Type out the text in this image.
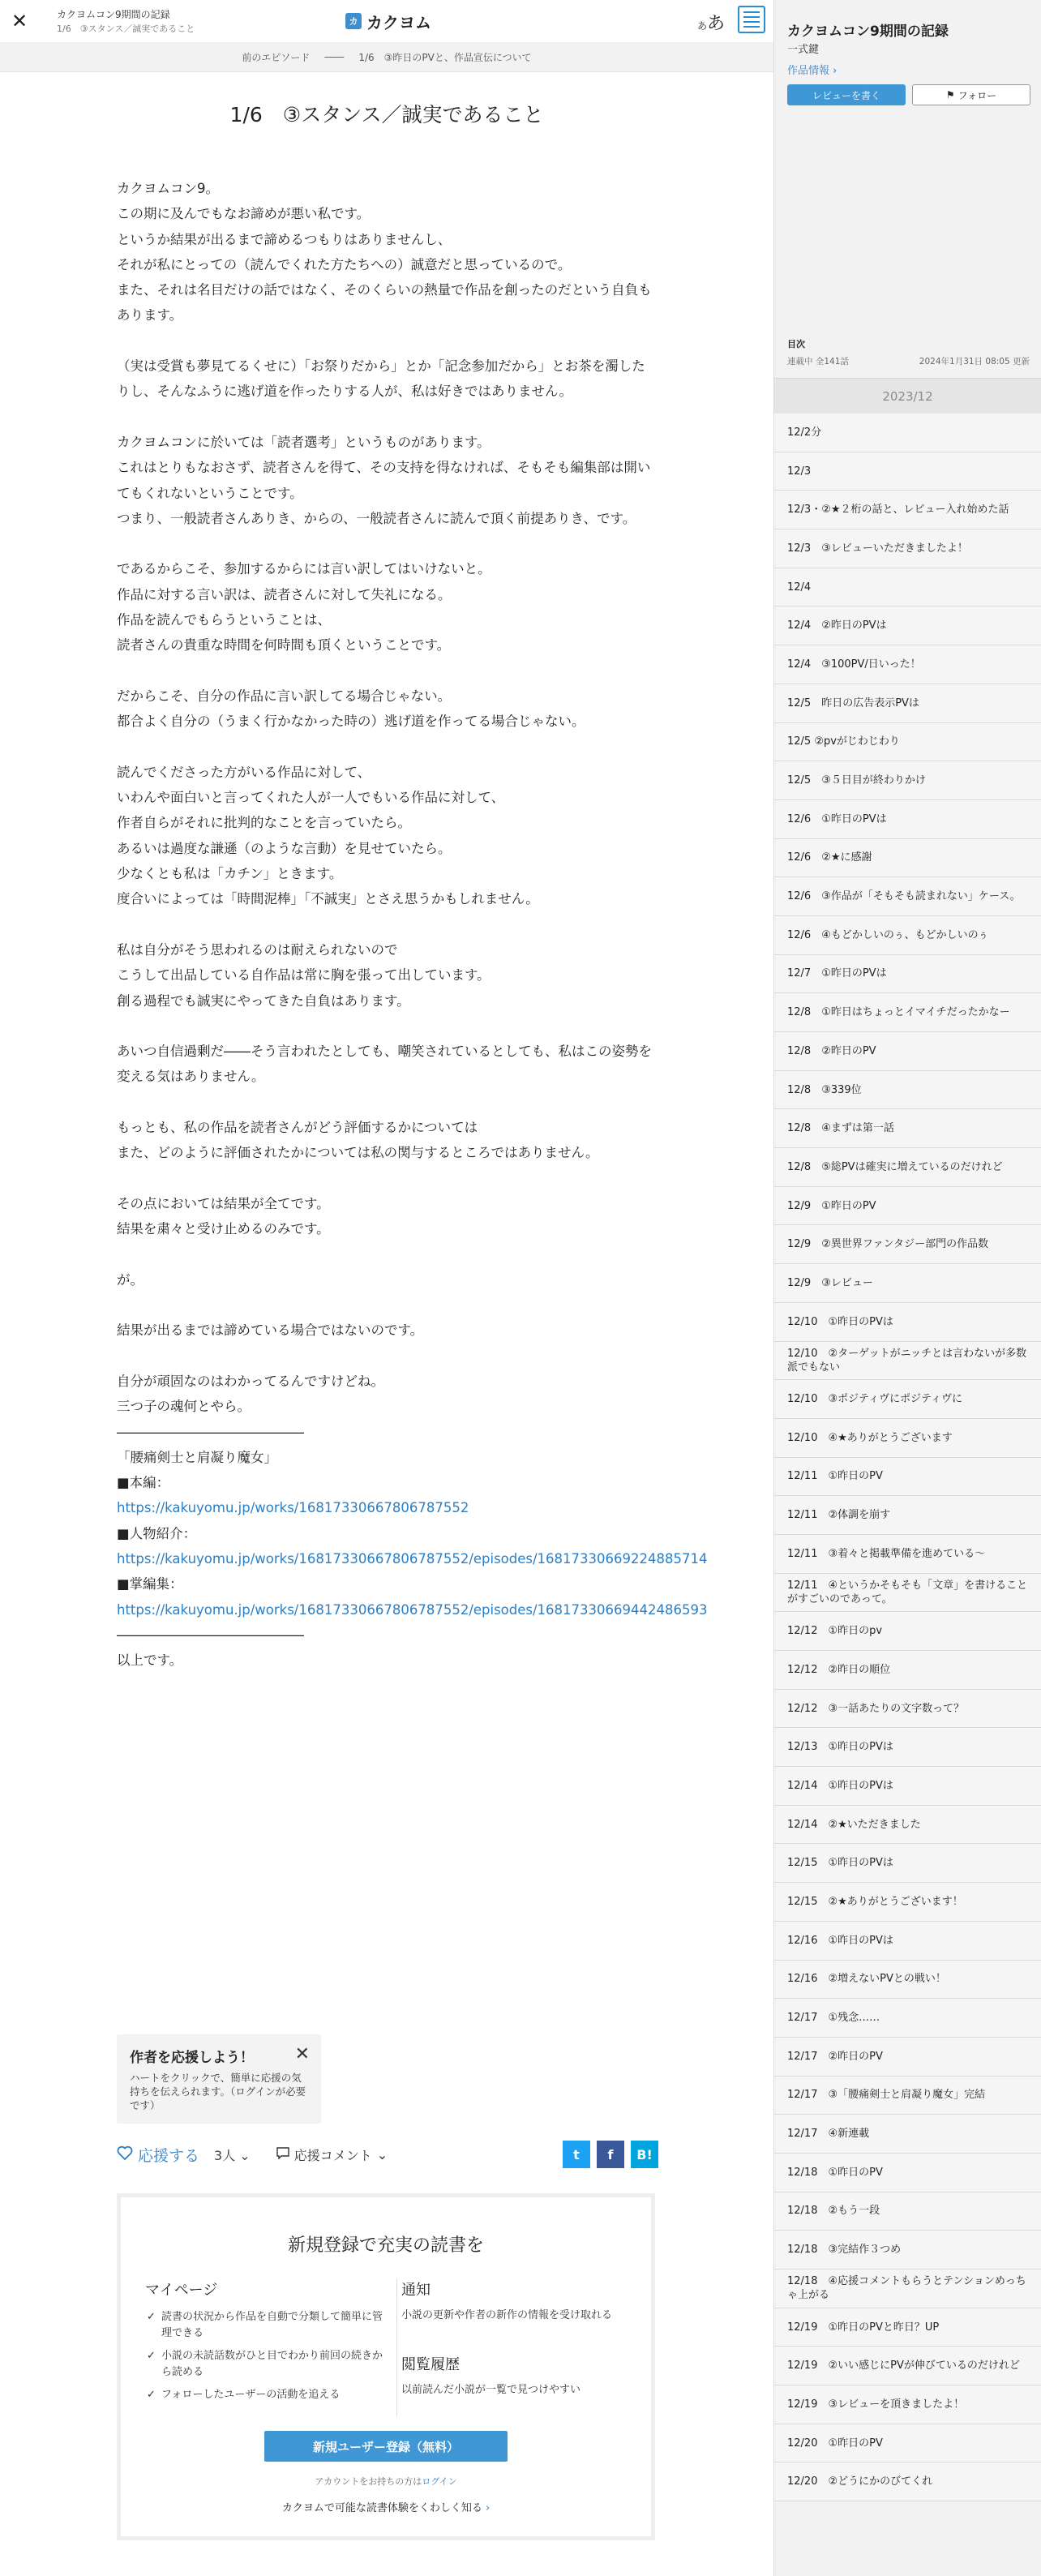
✕	カクヨムコン9期間の記録
1/6　③スタンス／誠実であること
カ カクヨム	ああ
前のエピソード ―― 1/6　③昨日のPVと、作品宣伝について
1/6　③スタンス／誠実であること
カクヨムコン9。
この期に及んでもなお諦めが悪い私です。
というか結果が出るまで諦めるつもりはありませんし、
それが私にとっての（読んでくれた方たちへの）誠意だと思っているので。
また、それは名目だけの話ではなく、そのくらいの熱量で作品を創ったのだという自負もあります。
（実は受賞も夢見てるくせに）「お祭りだから」とか「記念参加だから」とお茶を濁したりし、そんなふうに逃げ道を作ったりする人が、私は好きではありません。
カクヨムコンに於いては「読者選考」というものがあります。
これはとりもなおさず、読者さんを得て、その支持を得なければ、そもそも編集部は開いてもくれないということです。
つまり、一般読者さんありき、からの、一般読者さんに読んで頂く前提ありき、です。
であるからこそ、参加するからには言い訳してはいけないと。
作品に対する言い訳は、読者さんに対して失礼になる。
作品を読んでもらうということは、
読者さんの貴重な時間を何時間も頂くということです。
だからこそ、自分の作品に言い訳してる場合じゃない。
都合よく自分の（うまく行かなかった時の）逃げ道を作ってる場合じゃない。
読んでくださった方がいる作品に対して、
いわんや面白いと言ってくれた人が一人でもいる作品に対して、
作者自らがそれに批判的なことを言っていたら。
あるいは過度な謙遜（のような言動）を見せていたら。
少なくとも私は「カチン」ときます。
度合いによっては「時間泥棒」「不誠実」とさえ思うかもしれません。
私は自分がそう思われるのは耐えられないので
こうして出品している自作品は常に胸を張って出しています。
創る過程でも誠実にやってきた自負はあります。
あいつ自信過剰だ――そう言われたとしても、嘲笑されているとしても、私はこの姿勢を変える気はありません。
もっとも、私の作品を読者さんがどう評価するかについては
また、どのように評価されたかについては私の関与するところではありません。
その点においては結果が全てです。
結果を粛々と受け止めるのみです。
が。
結果が出るまでは諦めている場合ではないのです。
自分が頑固なのはわかってるんですけどね。
三つ子の魂何とやら。
――――――――――――――
「腰痛剣士と肩凝り魔女」
■本編：
https://kakuyomu.jp/works/16817330667806787552
■人物紹介：
https://kakuyomu.jp/works/16817330667806787552/episodes/16817330669224885714
■掌編集：
https://kakuyomu.jp/works/16817330667806787552/episodes/16817330669442486593
――――――――――――――
以上です。
作者を応援しよう！

ハートをクリックで、簡単に応援の気持ちを伝えられます。（ログインが必要です）

✕
応援する 3人 ⌄	応援コメント ⌄	t	f	B!
新規登録で充実の読書を
マイページ
✓ 読書の状況から作品を自動で分類して簡単に管理できる
✓ 小説の未読話数がひと目でわかり前回の続きから読める
✓ フォローしたユーザーの活動を追える
通知

小説の更新や作者の新作の情報を受け取れる

閲覧履歴

以前読んだ小説が一覧で見つけやすい

新規ユーザー登録（無料）
アカウントをお持ちの方はログイン
カクヨムで可能な読書体験をくわしく知る ›
カクヨムコン9期間の記録
一式鍵
作品情報 ›
レビューを書く	⚑ フォロー
目次
連載中 全141話	2024年1月31日 08:05 更新
2023/12
12/2分
12/3
12/3・②★２桁の話と、レビュー入れ始めた話
12/3　③レビューいただきましたよ！
12/4
12/4　②昨日のPVは
12/4　③100PV/日いった！
12/5　昨日の広告表示PVは
12/5 ②pvがじわじわり
12/5　③５日目が終わりかけ
12/6　①昨日のPVは
12/6　②★に感謝
12/6　③作品が「そもそも読まれない」ケース。
12/6　④もどかしいのぅ、もどかしいのぅ
12/7　①昨日のPVは
12/8　①昨日はちょっとイマイチだったかなー
12/8　②昨日のPV
12/8　③339位
12/8　④まずは第一話
12/8　⑤総PVは確実に増えているのだけれど
12/9　①昨日のPV
12/9　②異世界ファンタジー部門の作品数
12/9　③レビュー
12/10　①昨日のPVは
12/10　②ターゲットがニッチとは言わないが多数派でもない
12/10　③ポジティヴにポジティヴに
12/10　④★ありがとうございます
12/11　①昨日のPV
12/11　②体調を崩す
12/11　③着々と掲載準備を進めている〜
12/11　④というかそもそも「文章」を書けることがすごいのであって。
12/12　①昨日のpv
12/12　②昨日の順位
12/12　③一話あたりの文字数って？
12/13　①昨日のPVは
12/14　①昨日のPVは
12/14　②★いただきました
12/15　①昨日のPVは
12/15　②★ありがとうございます！
12/16　①昨日のPVは
12/16　②増えないPVとの戦い！
12/17　①残念……
12/17　②昨日のPV
12/17　③「腰痛剣士と肩凝り魔女」完結
12/17　④新連載
12/18　①昨日のPV
12/18　②もう一段
12/18　③完結作３つめ
12/18　④応援コメントもらうとテンションめっちゃ上がる
12/19　①昨日のPVと昨日？UP
12/19　②いい感じにPVが伸びているのだけれど
12/19　③レビューを頂きましたよ！
12/20　①昨日のPV
12/20　②どうにかのびてくれ
